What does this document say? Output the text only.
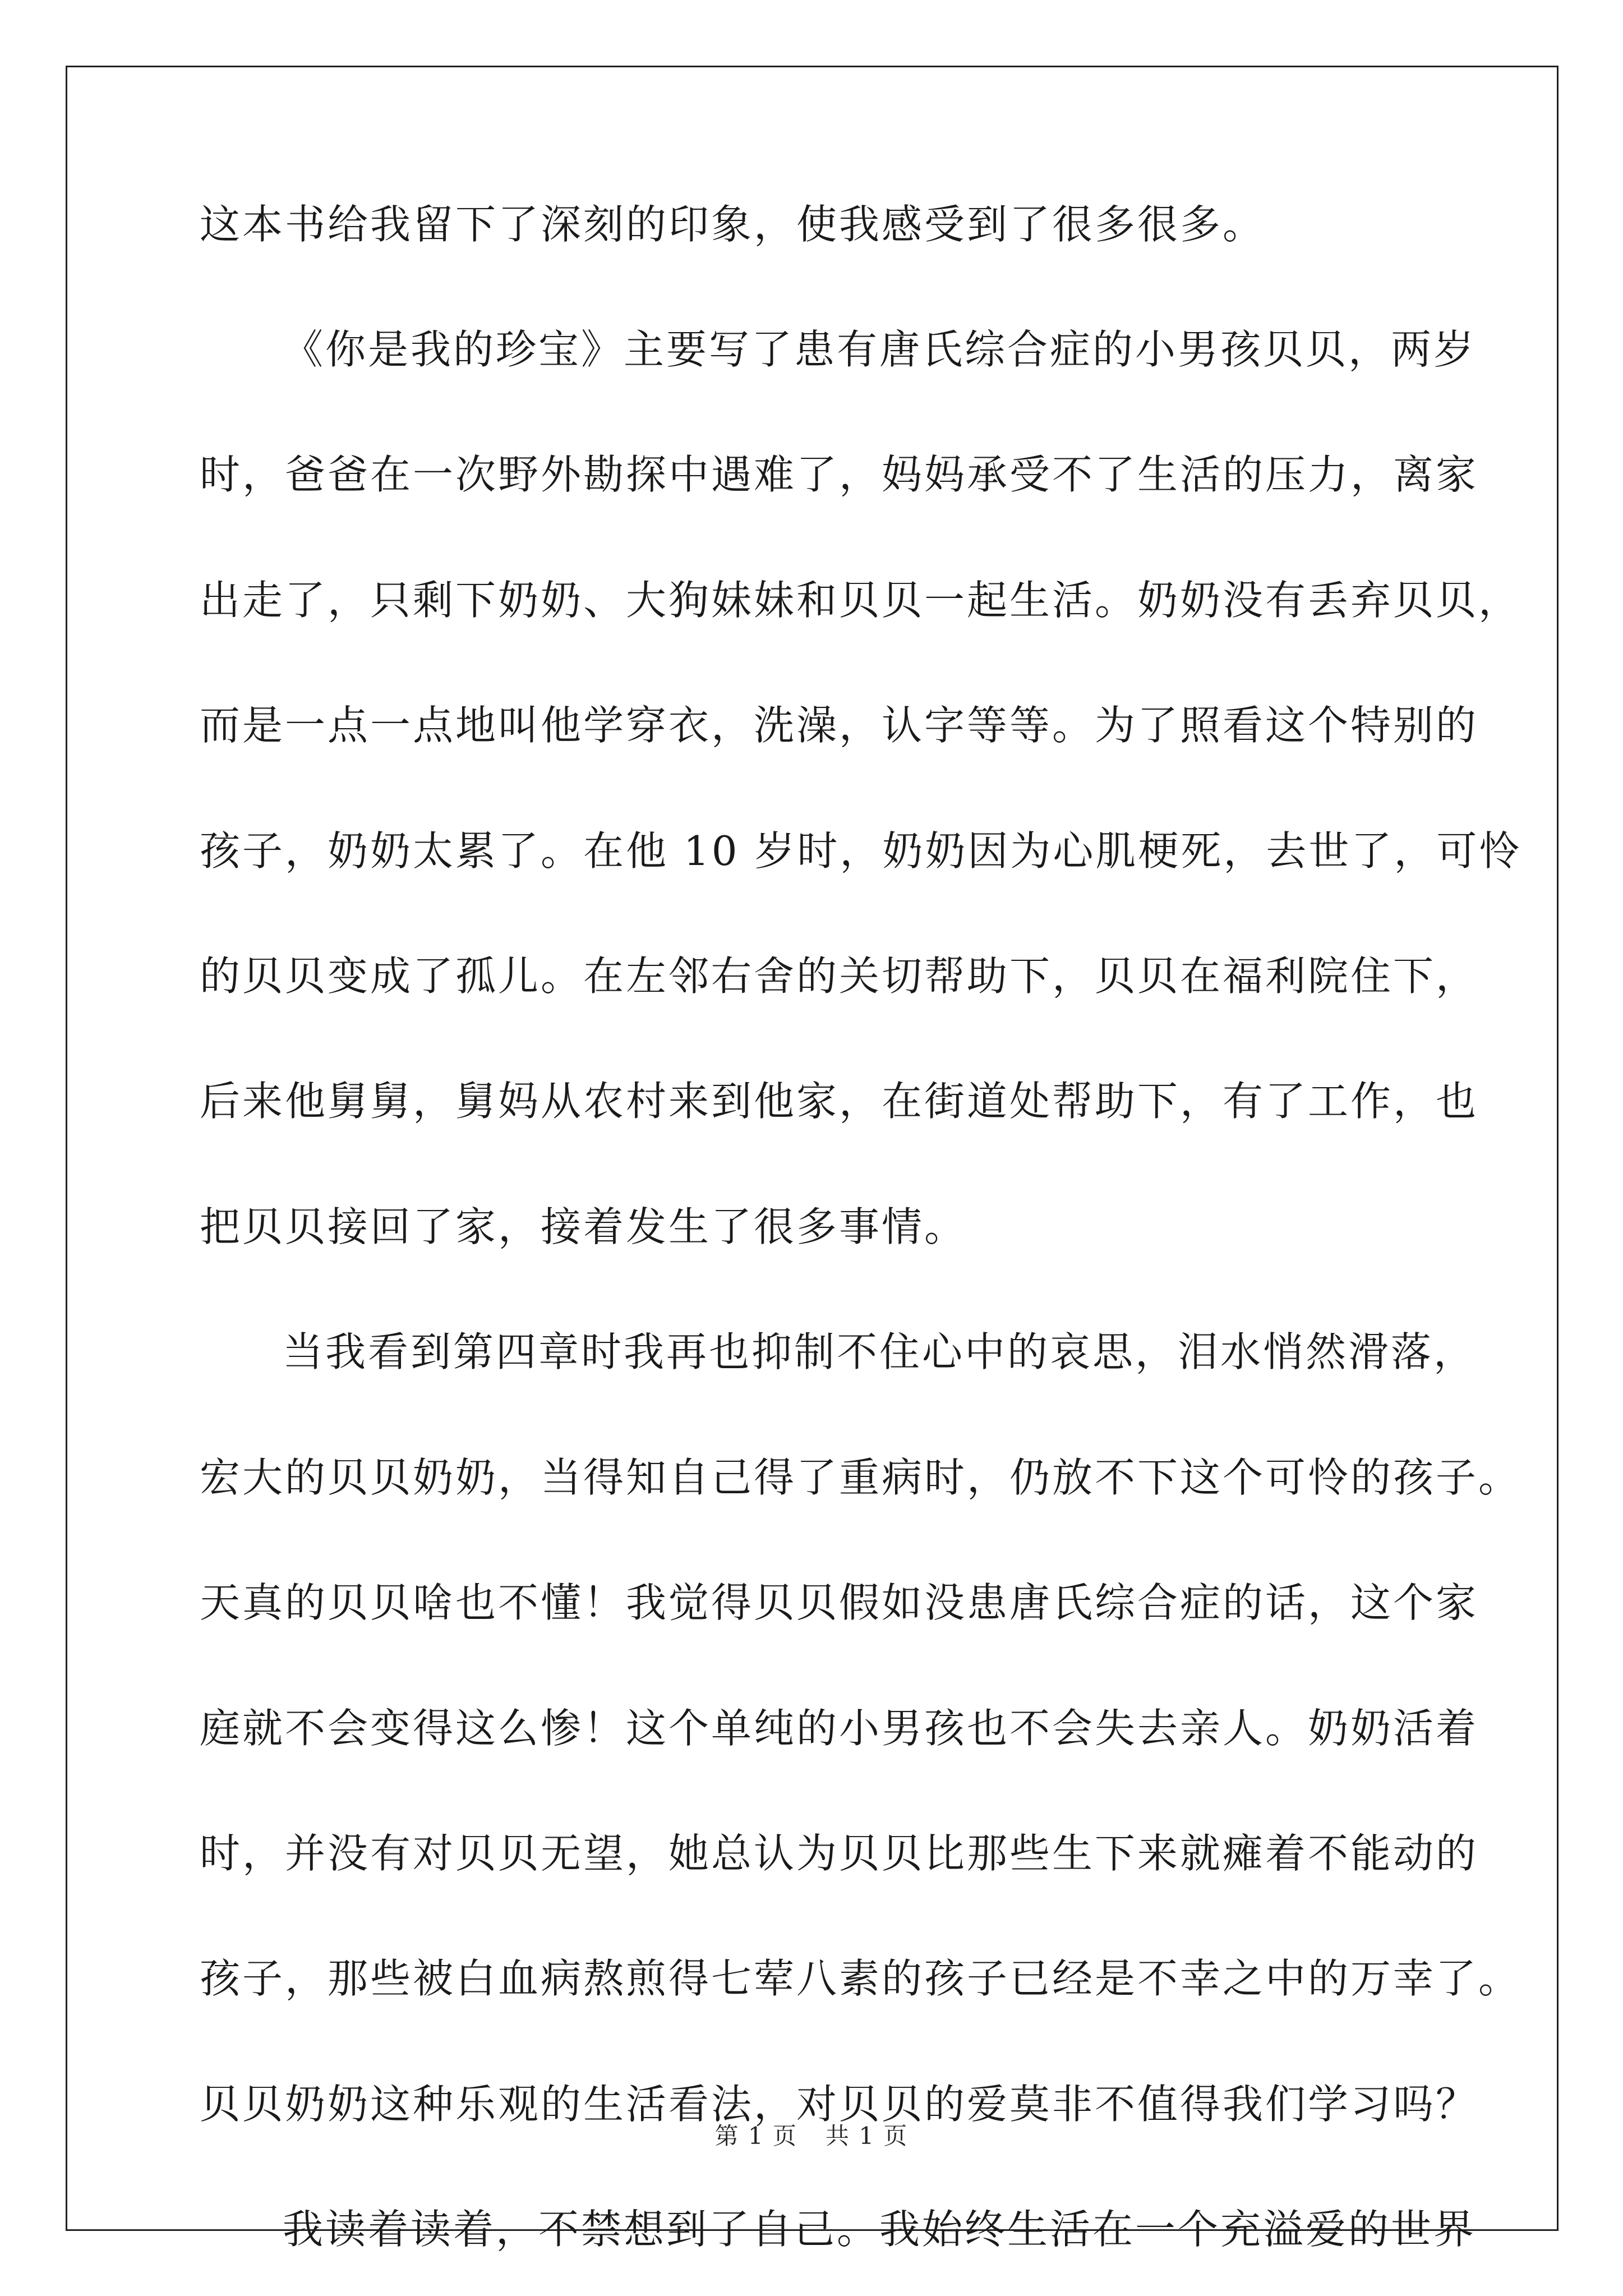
这本书给我留下了深刻的印象，使我感受到了很多很多。
《你是我的珍宝》主要写了患有唐氏综合症的小男孩贝贝，两岁
时，爸爸在一次野外勘探中遇难了，妈妈承受不了生活的压力，离家
出走了，只剩下奶奶、大狗妹妹和贝贝一起生活。奶奶没有丢弃贝贝，
而是一点一点地叫他学穿衣，洗澡，认字等等。为了照看这个特别的
孩子，奶奶太累了。在他 10 岁时，奶奶因为心肌梗死，去世了，可怜
的贝贝变成了孤儿。在左邻右舍的关切帮助下，贝贝在福利院住下，
后来他舅舅，舅妈从农村来到他家，在街道处帮助下，有了工作，也
把贝贝接回了家，接着发生了很多事情。
当我看到第四章时我再也抑制不住心中的哀思，泪水悄然滑落，
宏大的贝贝奶奶，当得知自己得了重病时，仍放不下这个可怜的孩子。
天真的贝贝啥也不懂！我觉得贝贝假如没患唐氏综合症的话，这个家
庭就不会变得这么惨！这个单纯的小男孩也不会失去亲人。奶奶活着
时，并没有对贝贝无望，她总认为贝贝比那些生下来就瘫着不能动的
孩子，那些被白血病熬煎得七荤八素的孩子已经是不幸之中的万幸了。
贝贝奶奶这种乐观的生活看法，对贝贝的爱莫非不值得我们学习吗？
我读着读着，不禁想到了自己。我始终生活在一个充溢爱的世界
第 1 页 共 1 页
